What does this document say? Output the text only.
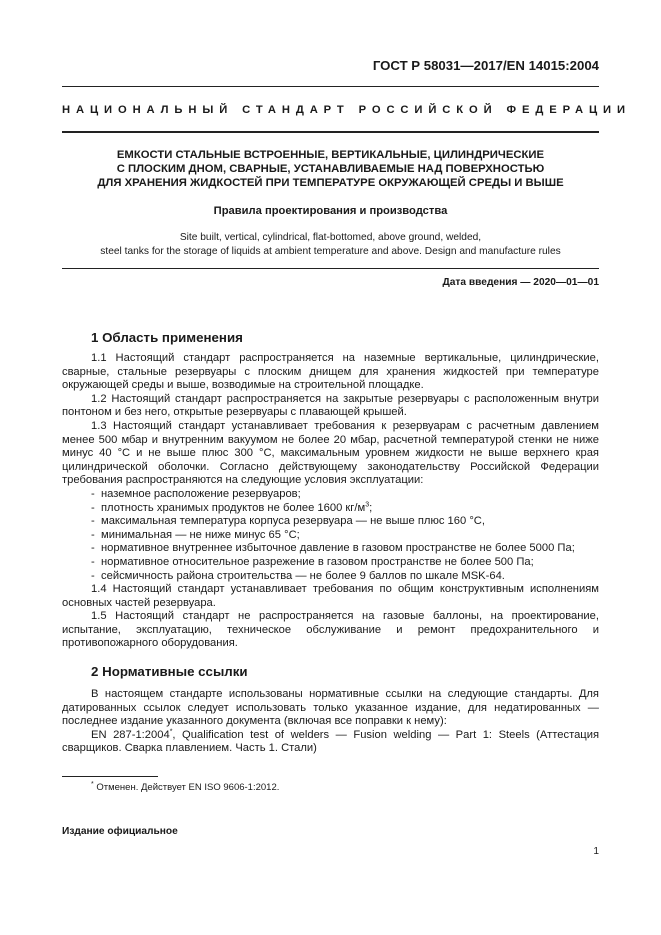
ГОСТ Р 58031—2017/EN 14015:2004
НАЦИОНАЛЬНЫЙ СТАНДАРТ РОССИЙСКОЙ ФЕДЕРАЦИИ
ЕМКОСТИ СТАЛЬНЫЕ ВСТРОЕННЫЕ, ВЕРТИКАЛЬНЫЕ, ЦИЛИНДРИЧЕСКИЕ
С ПЛОСКИМ ДНОМ, СВАРНЫЕ, УСТАНАВЛИВАЕМЫЕ НАД ПОВЕРХНОСТЬЮ
ДЛЯ ХРАНЕНИЯ ЖИДКОСТЕЙ ПРИ ТЕМПЕРАТУРЕ ОКРУЖАЮЩЕЙ СРЕДЫ И ВЫШЕ
Правила проектирования и производства
Site built, vertical, cylindrical, flat-bottomed, above ground, welded,
steel tanks for the storage of liquids at ambient temperature and above. Design and manufacture rules
Дата введения — 2020—01—01
1 Область применения

1.1 Настоящий стандарт распространяется на наземные вертикальные, цилиндрические, сварные, стальные резервуары с плоским днищем для хранения жидкостей при температуре окружающей среды и выше, возводимые на строительной площадке.

1.2 Настоящий стандарт распространяется на закрытые резервуары с расположенным внутри понтоном и без него, открытые резервуары с плавающей крышей.

1.3 Настоящий стандарт устанавливает требования к резервуарам с расчетным давлением менее 500 мбар и внутренним вакуумом не более 20 мбар, расчетной температурой стенки не ниже минус 40 °С и не выше плюс 300 °С, максимальным уровнем жидкости не выше верхнего края цилиндрической оболочки. Согласно действующему законодательству Российской Федерации требования распространяются на следующие условия эксплуатации:

- наземное расположение резервуаров;

- плотность хранимых продуктов не более 1600 $кг/м^3$;

- максимальная температура корпуса резервуара — не выше плюс 160 °С,

- минимальная — не ниже минус 65 °С;

- нормативное внутреннее избыточное давление в газовом пространстве не более 5000 Па;

- нормативное относительное разрежение в газовом пространстве не более 500 Па;

- сейсмичность района строительства — не более 9 баллов по шкале MSK-64.

1.4 Настоящий стандарт устанавливает требования по общим конструктивным исполнениям основных частей резервуара.

1.5 Настоящий стандарт не распространяется на газовые баллоны, на проектирование, испытание, эксплуатацию, техническое обслуживание и ремонт предохранительного и противопожарного оборудования.

2 Нормативные ссылки

В настоящем стандарте использованы нормативные ссылки на следующие стандарты. Для датированных ссылок следует использовать только указанное издание, для недатированных — последнее издание указанного документа (включая все поправки к нему):

EN 287-1:2004*, Qualification test of welders — Fusion welding — Part 1: Steels (Аттестация сварщиков. Сварка плавлением. Часть 1. Стали)

* Отменен. Действует EN ISO 9606-1:2012.
Издание официальное
1
